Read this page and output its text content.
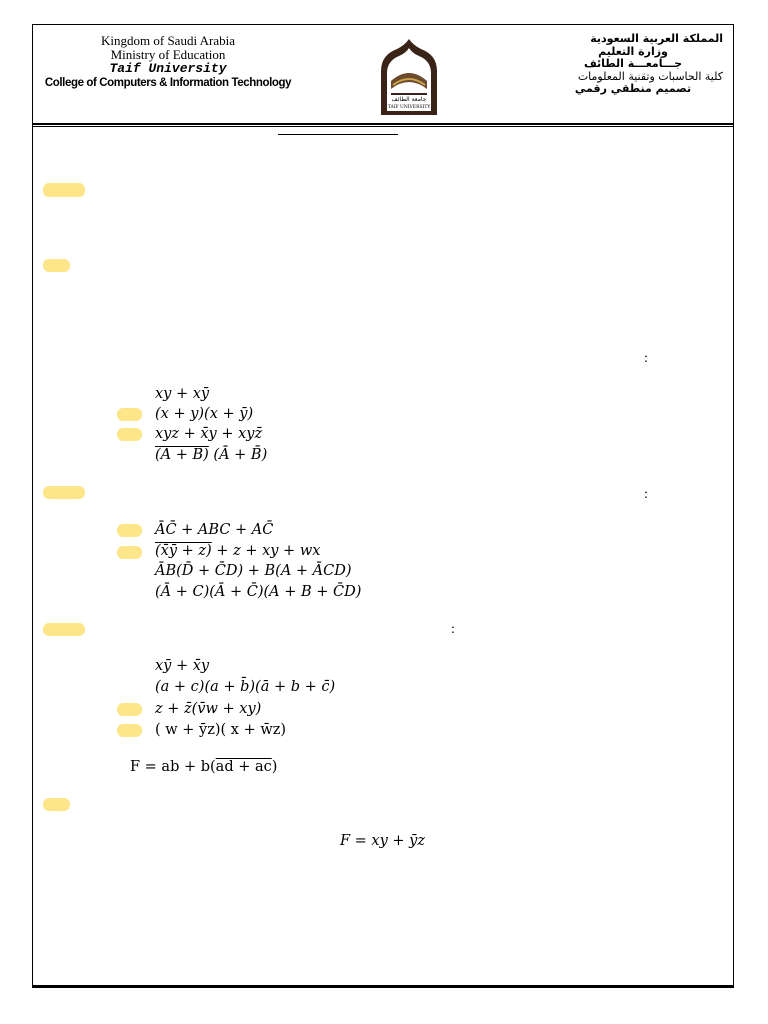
Kingdom of Saudi Arabia
Ministry of Education
Taif University
College of Computers & Information Technology
جامعة الطائف
TAIF UNIVERSITY
المملكة العربية السعودية
وزارة التعليم
جـــامعـــة الطائف
كلية الحاسبات وتقنية المعلومات
تصميم منطقي رقمي
:
xy + xȳ
(x + y)(x + ȳ)
xyz + x̄y + xyz̄
(A + B) (Ā + B̄)
:
ĀC̄ + ABC + AC̄
(x̄ȳ + z) + z + xy + wx
ĀB(D̄ + C̄D) + B(A + ĀCD)
(Ā + C)(Ā + C̄)(A + B + C̄D)
:
xȳ + x̄y
(a + c)(a + b̄)(ā + b + c̄)
z + z̄(v̄w + xy)
( w + ȳz)( x + w̄z)
F = ab + b(ad + ac)
F = xy + ȳz
